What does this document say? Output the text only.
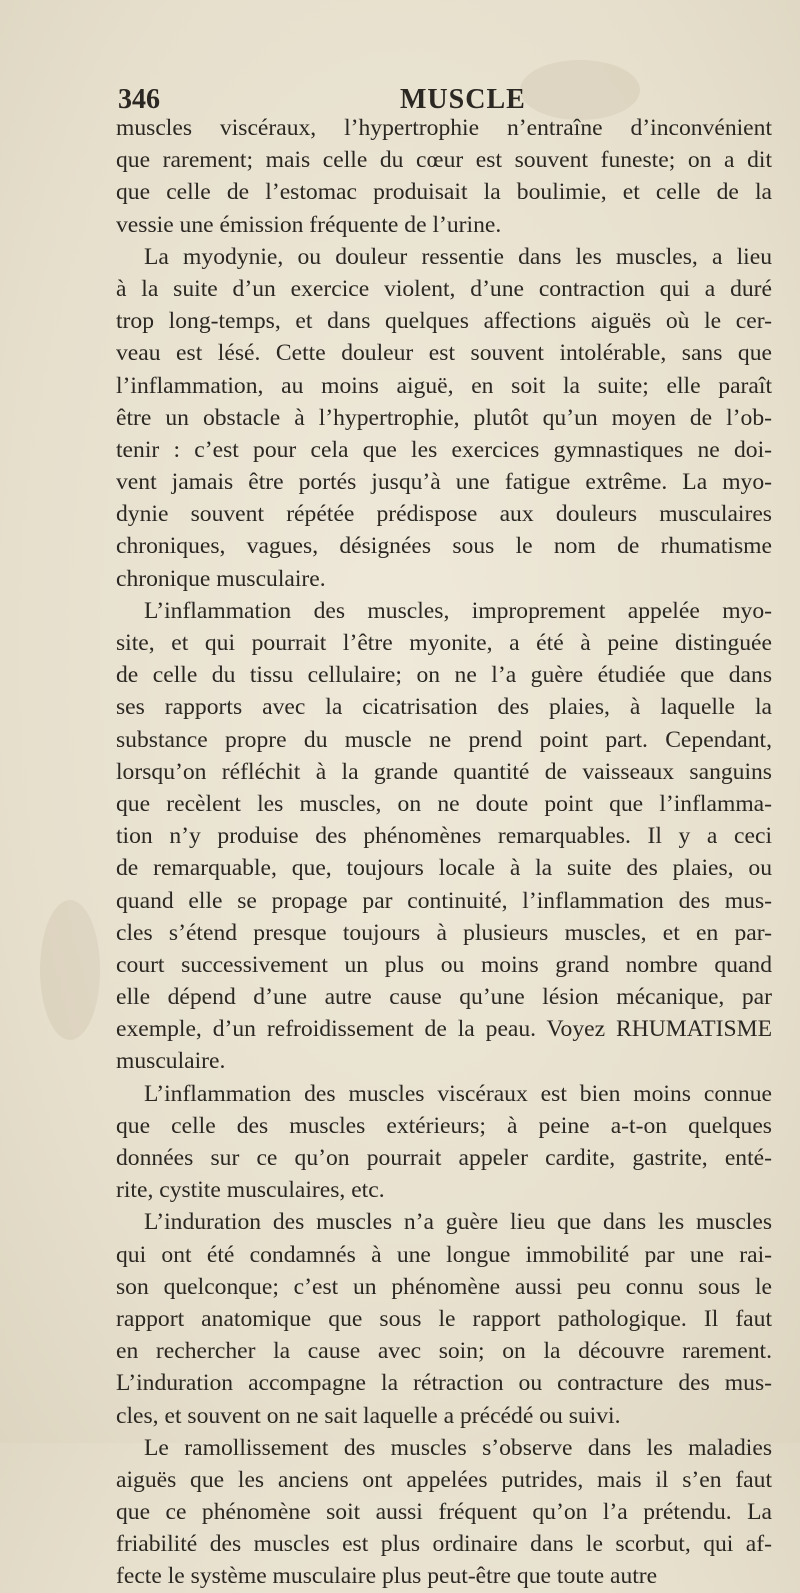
346	MUSCLE
muscles viscéraux, l’hypertrophie n’entraîne d’inconvénient
que rarement; mais celle du cœur est souvent funeste; on a dit
que celle de l’estomac produisait la boulimie, et celle de la
vessie une émission fréquente de l’urine.
La myodynie, ou douleur ressentie dans les muscles, a lieu
à la suite d’un exercice violent, d’une contraction qui a duré
trop long-temps, et dans quelques affections aiguës où le cer-
veau est lésé. Cette douleur est souvent intolérable, sans que
l’inflammation, au moins aiguë, en soit la suite; elle paraît
être un obstacle à l’hypertrophie, plutôt qu’un moyen de l’ob-
tenir : c’est pour cela que les exercices gymnastiques ne doi-
vent jamais être portés jusqu’à une fatigue extrême. La myo-
dynie souvent répétée prédispose aux douleurs musculaires
chroniques, vagues, désignées sous le nom de rhumatisme
chronique musculaire.
L’inflammation des muscles, improprement appelée myo-
site, et qui pourrait l’être myonite, a été à peine distinguée
de celle du tissu cellulaire; on ne l’a guère étudiée que dans
ses rapports avec la cicatrisation des plaies, à laquelle la
substance propre du muscle ne prend point part. Cependant,
lorsqu’on réfléchit à la grande quantité de vaisseaux sanguins
que recèlent les muscles, on ne doute point que l’inflamma-
tion n’y produise des phénomènes remarquables. Il y a ceci
de remarquable, que, toujours locale à la suite des plaies, ou
quand elle se propage par continuité, l’inflammation des mus-
cles s’étend presque toujours à plusieurs muscles, et en par-
court successivement un plus ou moins grand nombre quand
elle dépend d’une autre cause qu’une lésion mécanique, par
exemple, d’un refroidissement de la peau. Voyez RHUMATISME
musculaire.
L’inflammation des muscles viscéraux est bien moins connue
que celle des muscles extérieurs; à peine a-t-on quelques
données sur ce qu’on pourrait appeler cardite, gastrite, enté-
rite, cystite musculaires, etc.
L’induration des muscles n’a guère lieu que dans les muscles
qui ont été condamnés à une longue immobilité par une rai-
son quelconque; c’est un phénomène aussi peu connu sous le
rapport anatomique que sous le rapport pathologique. Il faut
en rechercher la cause avec soin; on la découvre rarement.
L’induration accompagne la rétraction ou contracture des mus-
cles, et souvent on ne sait laquelle a précédé ou suivi.
Le ramollissement des muscles s’observe dans les maladies
aiguës que les anciens ont appelées putrides, mais il s’en faut
que ce phénomène soit aussi fréquent qu’on l’a prétendu. La
friabilité des muscles est plus ordinaire dans le scorbut, qui af-
fecte le système musculaire plus peut-être que toute autre
